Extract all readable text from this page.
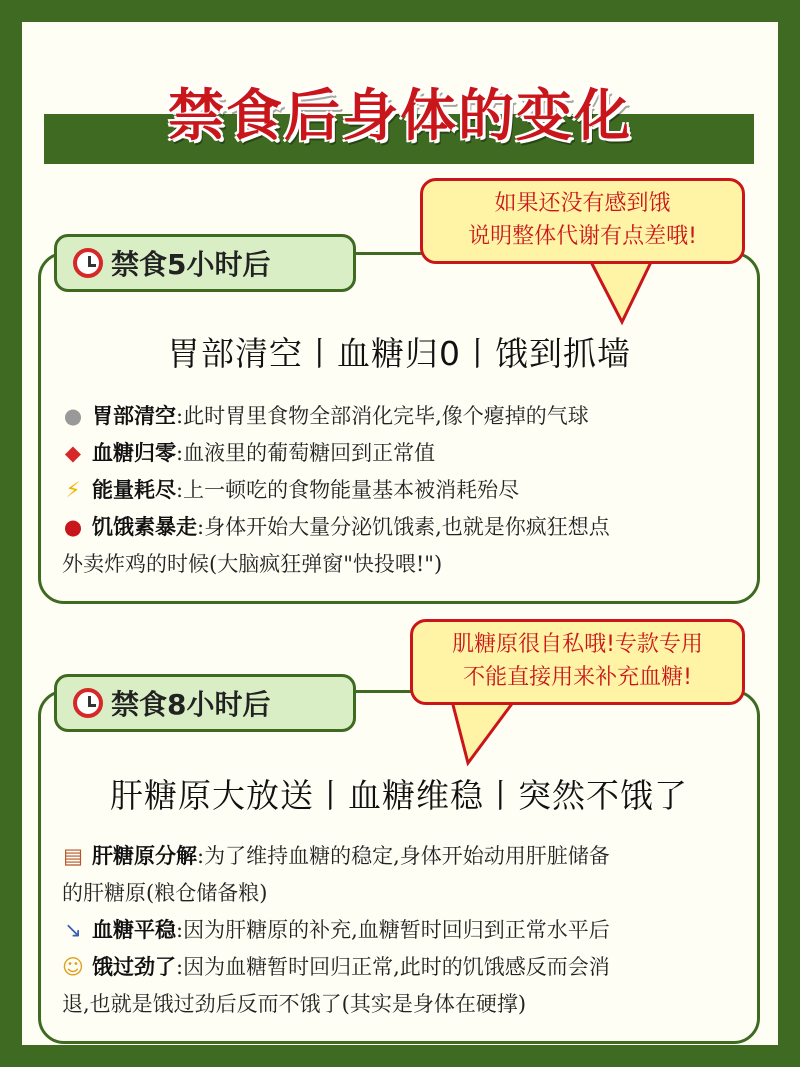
禁食后身体的变化
禁食5小时后
如果还没有感到饿
说明整体代谢有点差哦!
胃部清空丨血糖归0丨饿到抓墙
● 胃部清空:此时胃里食物全部消化完毕,像个瘪掉的气球
◆ 血糖归零:血液里的葡萄糖回到正常值
⚡ 能量耗尽:上一顿吃的食物能量基本被消耗殆尽
● 饥饿素暴走:身体开始大量分泌饥饿素,也就是你疯狂想点
外卖炸鸡的时候(大脑疯狂弹窗"快投喂!")
禁食8小时后
肌糖原很自私哦!专款专用
不能直接用来补充血糖!
肝糖原大放送丨血糖维稳丨突然不饿了
▤ 肝糖原分解:为了维持血糖的稳定,身体开始动用肝脏储备
的肝糖原(粮仓储备粮)
↘ 血糖平稳:因为肝糖原的补充,血糖暂时回归到正常水平后
☺ 饿过劲了:因为血糖暂时回归正常,此时的饥饿感反而会消
退,也就是饿过劲后反而不饿了(其实是身体在硬撑)
